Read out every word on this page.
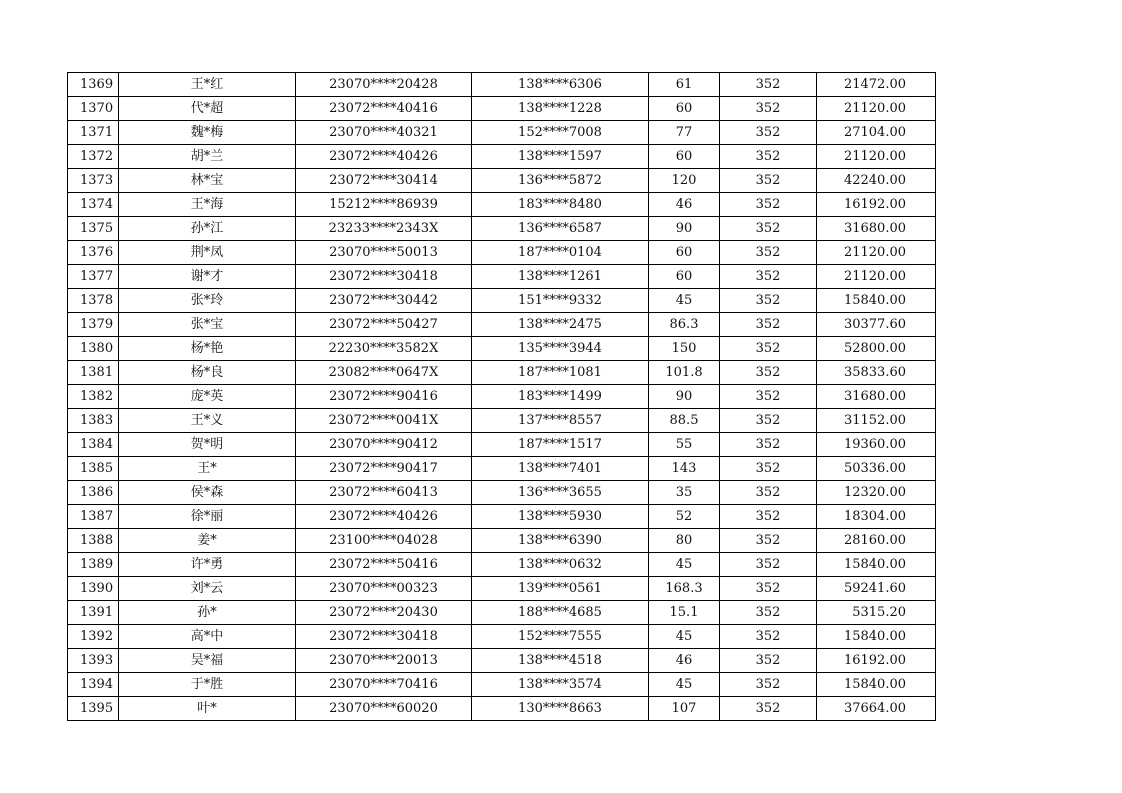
1369	王*红	23070****20428	138****6306	61	352	21472.00
1370	代*超	23072****40416	138****1228	60	352	21120.00
1371	魏*梅	23070****40321	152****7008	77	352	27104.00
1372	胡*兰	23072****40426	138****1597	60	352	21120.00
1373	林*宝	23072****30414	136****5872	120	352	42240.00
1374	王*海	15212****86939	183****8480	46	352	16192.00
1375	孙*江	23233****2343X	136****6587	90	352	31680.00
1376	荆*凤	23070****50013	187****0104	60	352	21120.00
1377	谢*才	23072****30418	138****1261	60	352	21120.00
1378	张*玲	23072****30442	151****9332	45	352	15840.00
1379	张*宝	23072****50427	138****2475	86.3	352	30377.60
1380	杨*艳	22230****3582X	135****3944	150	352	52800.00
1381	杨*良	23082****0647X	187****1081	101.8	352	35833.60
1382	庞*英	23072****90416	183****1499	90	352	31680.00
1383	王*义	23072****0041X	137****8557	88.5	352	31152.00
1384	贺*明	23070****90412	187****1517	55	352	19360.00
1385	王*	23072****90417	138****7401	143	352	50336.00
1386	侯*森	23072****60413	136****3655	35	352	12320.00
1387	徐*丽	23072****40426	138****5930	52	352	18304.00
1388	姜*	23100****04028	138****6390	80	352	28160.00
1389	许*勇	23072****50416	138****0632	45	352	15840.00
1390	刘*云	23070****00323	139****0561	168.3	352	59241.60
1391	孙*	23072****20430	188****4685	15.1	352	5315.20
1392	高*中	23072****30418	152****7555	45	352	15840.00
1393	吴*福	23070****20013	138****4518	46	352	16192.00
1394	于*胜	23070****70416	138****3574	45	352	15840.00
1395	叶*	23070****60020	130****8663	107	352	37664.00
